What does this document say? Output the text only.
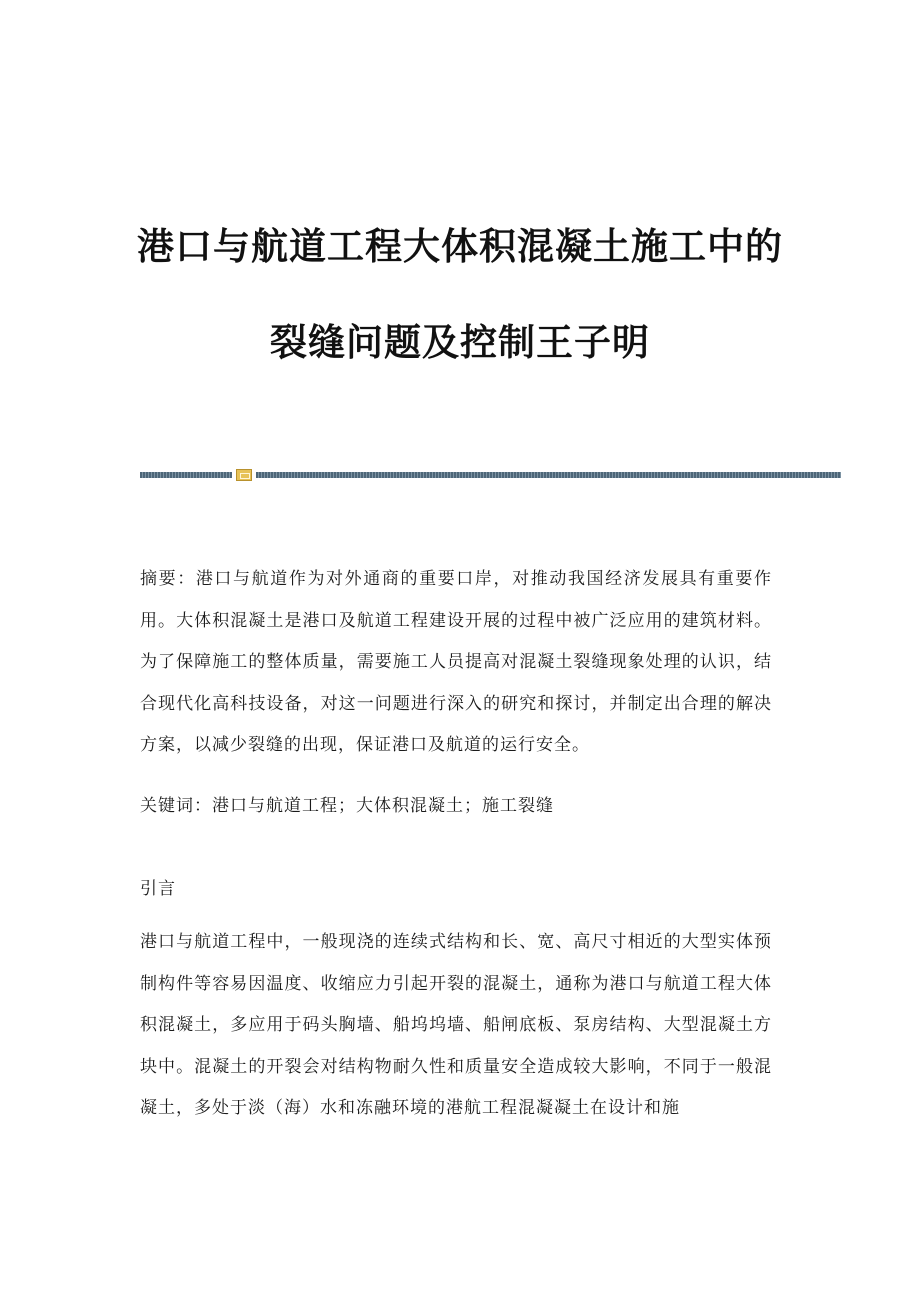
港口与航道工程大体积混凝土施工中的
裂缝问题及控制王子明

摘要：港口与航道作为对外通商的重要口岸，对推动我国经济发展具有重要作用。大体积混凝土是港口及航道工程建设开展的过程中被广泛应用的建筑材料。为了保障施工的整体质量，需要施工人员提高对混凝土裂缝现象处理的认识，结合现代化高科技设备，对这一问题进行深入的研究和探讨，并制定出合理的解决方案，以减少裂缝的出现，保证港口及航道的运行安全。

关键词：港口与航道工程；大体积混凝土；施工裂缝

引言

港口与航道工程中，一般现浇的连续式结构和长、宽、高尺寸相近的大型实体预制构件等容易因温度、收缩应力引起开裂的混凝土，通称为港口与航道工程大体积混凝土，多应用于码头胸墙、船坞坞墙、船闸底板、泵房结构、大型混凝土方块中。混凝土的开裂会对结构物耐久性和质量安全造成较大影响，不同于一般混凝土，多处于淡（海）水和冻融环境的港航工程混凝凝土在设计和施
